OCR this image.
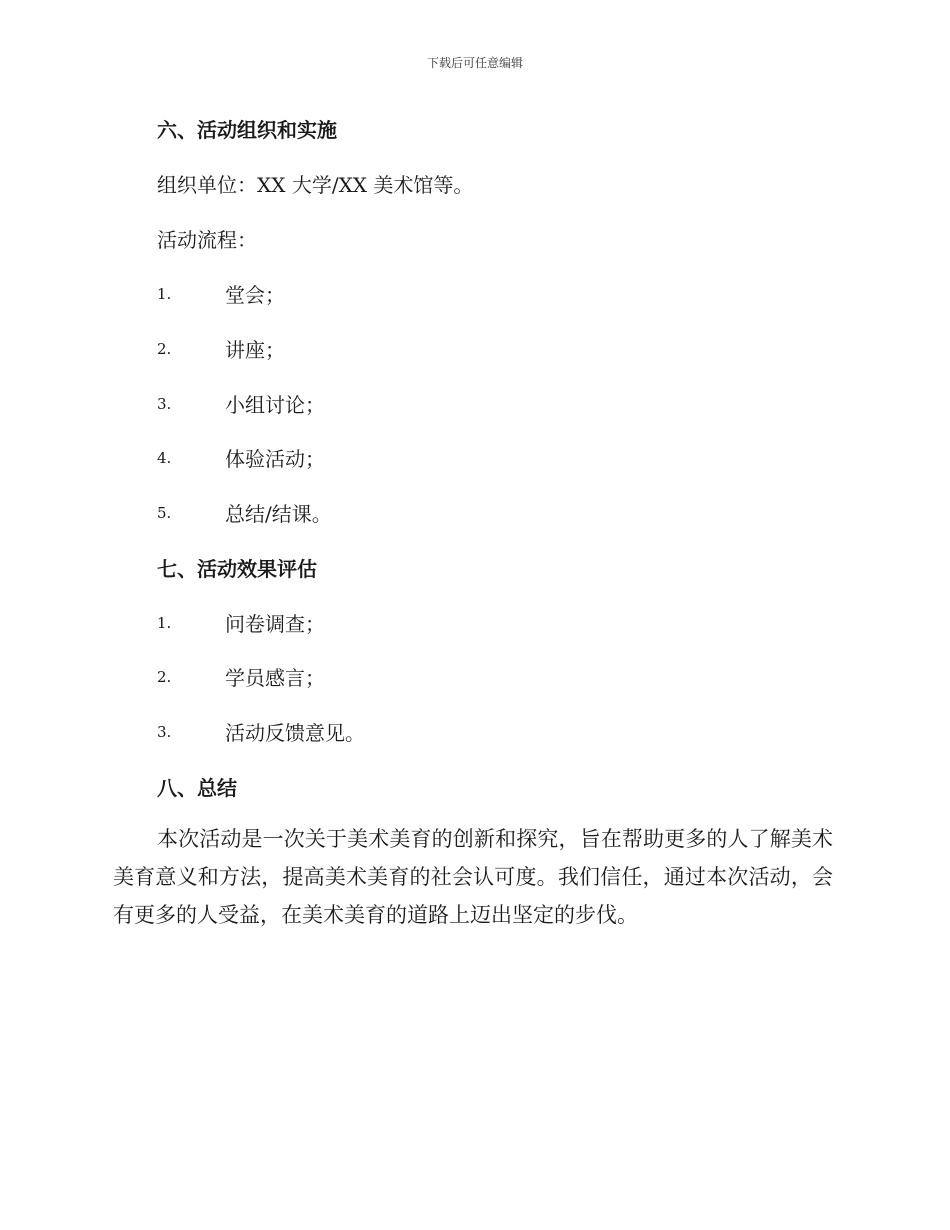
下载后可任意编辑
六、活动组织和实施
组织单位：XX 大学/XX 美术馆等。
活动流程：
1.	堂会；
2.	讲座；
3.	小组讨论；
4.	体验活动；
5.	总结/结课。
七、活动效果评估
1.	问卷调查；
2.	学员感言；
3.	活动反馈意见。
八、总结
本次活动是一次关于美术美育的创新和探究，旨在帮助更多的人了解美术美育意义和方法，提高美术美育的社会认可度。我们信任，通过本次活动，会有更多的人受益，在美术美育的道路上迈出坚定的步伐。
